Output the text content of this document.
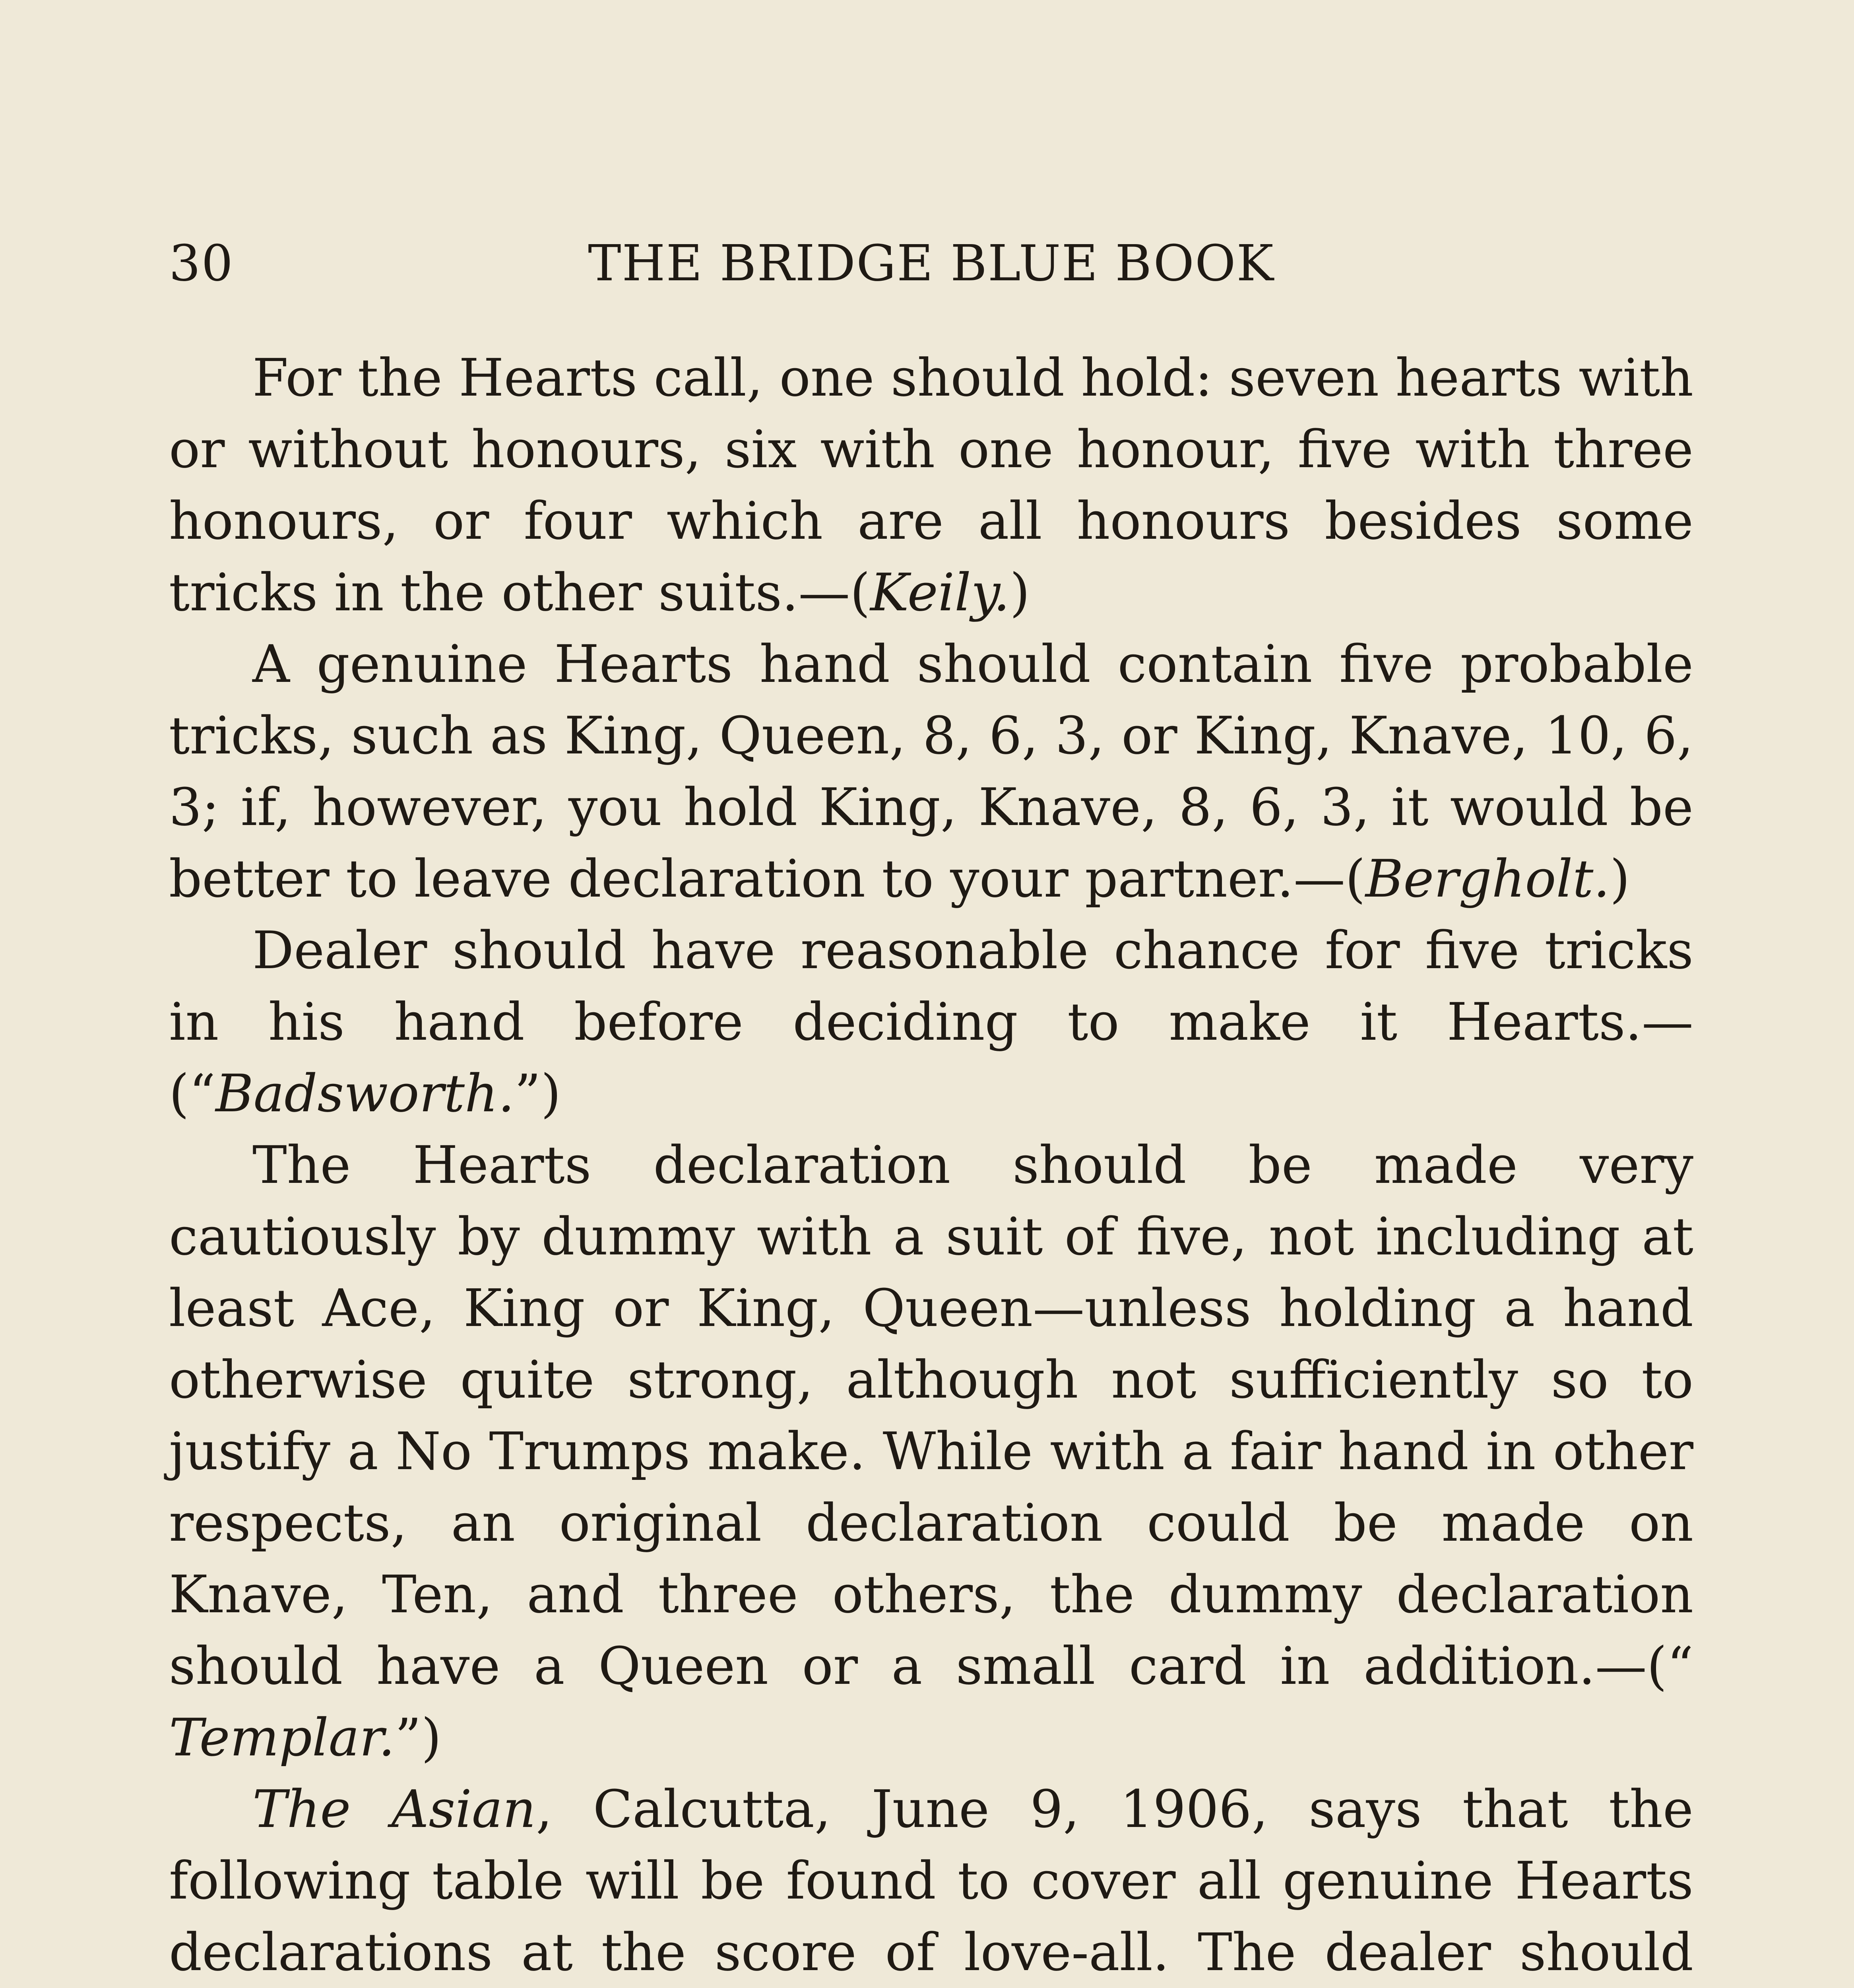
30	THE BRIDGE BLUE BOOK

For the Hearts call, one should hold: seven hearts with or without honours, six with one honour, five with three honours, or four which are all honours besides some tricks in the other suits.—(Keily.)

A genuine Hearts hand should contain five probable tricks, such as King, Queen, 8, 6, 3, or King, Knave, 10, 6, 3; if, however, you hold King, Knave, 8, 6, 3, it would be better to leave declaration to your partner.—(Bergholt.)

Dealer should have reasonable chance for five tricks in his hand before deciding to make it Hearts.—(“Badsworth.”)

The Hearts declaration should be made very cautiously by dummy with a suit of five, not including at least Ace, King or King, Queen—unless holding a hand otherwise quite strong, although not sufficiently so to justify a No Trumps make. While with a fair hand in other respects, an original declaration could be made on Knave, Ten, and three others, the dummy declaration should have a Queen or a small card in addition.—(“ Templar.”)

The Asian, Calcutta, June 9, 1906, says that the following table will be found to cover all genuine Hearts declarations at the score of love-all. The dealer should
